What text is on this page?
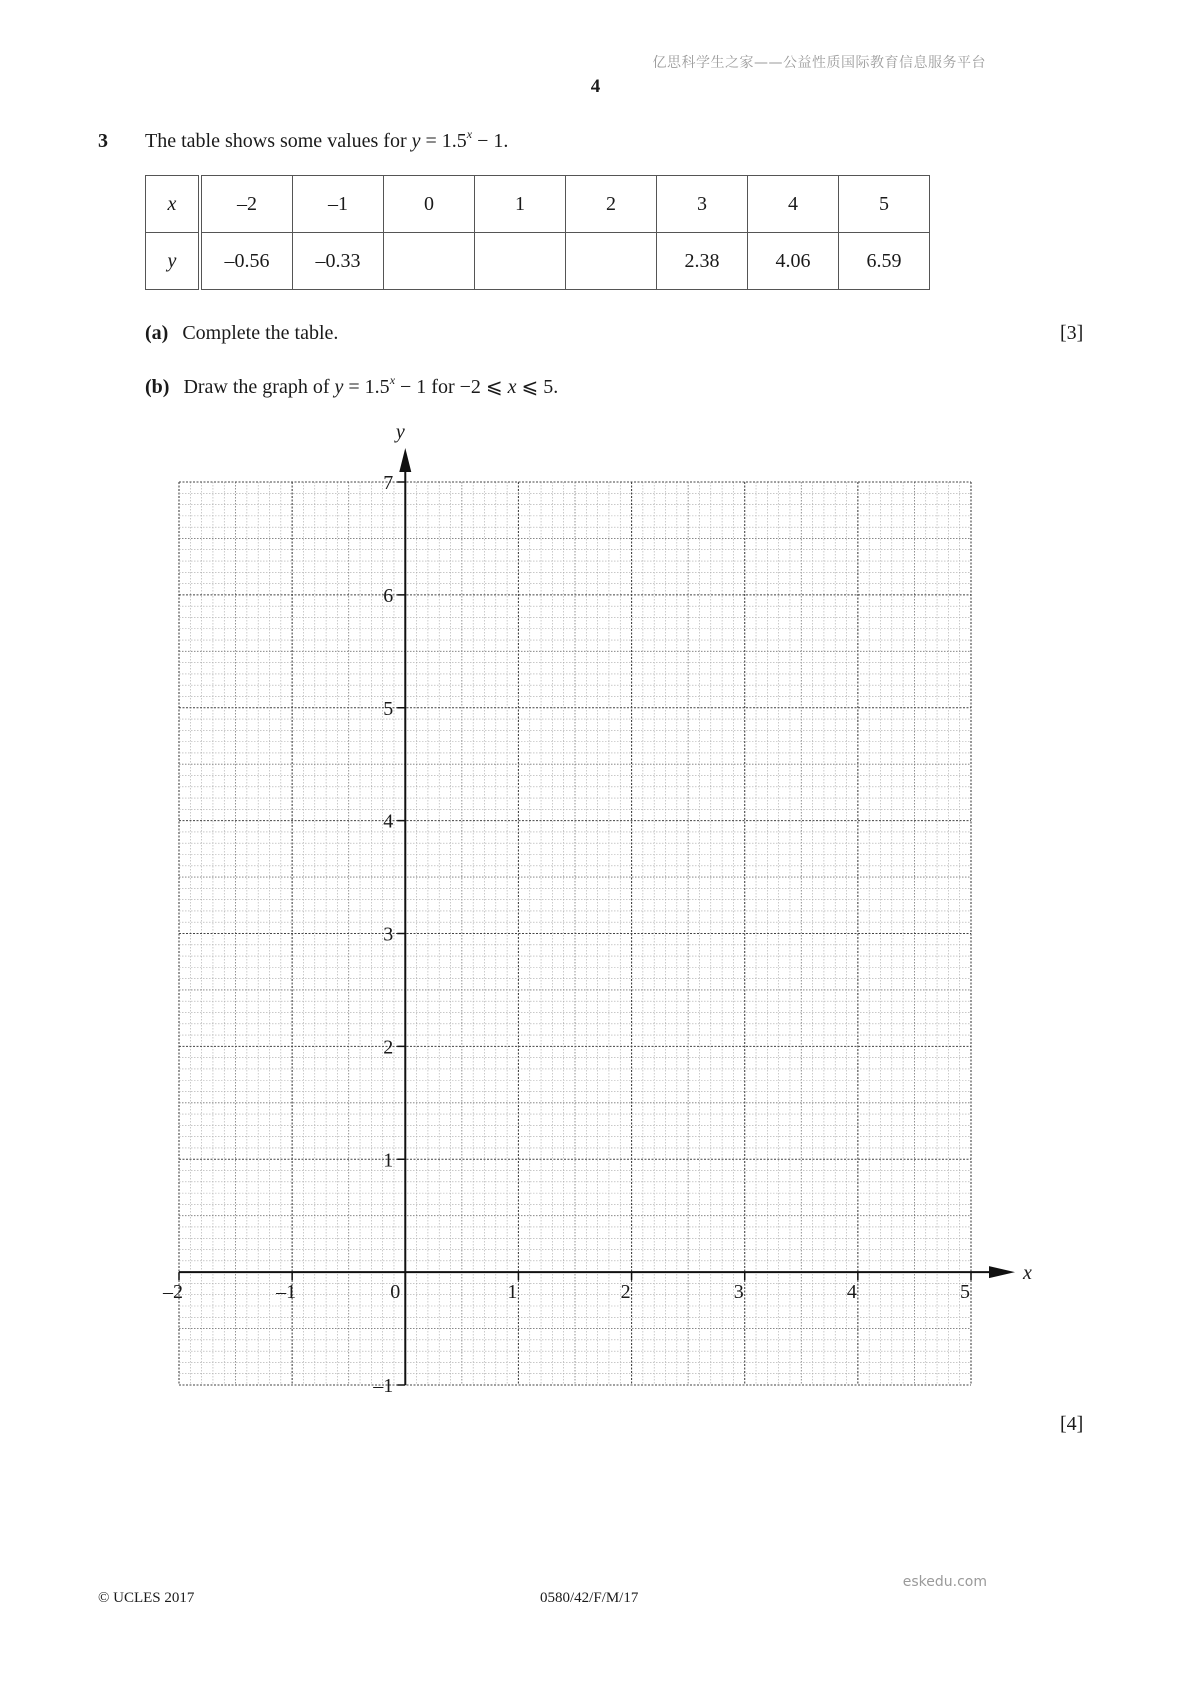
亿思科学生之家——公益性质国际教育信息服务平台
4
3 The table shows some values for $y = 1.5^x - 1$.
x	–2	–1	0	1	2	3	4	5
y	–0.56	–0.33				2.38	4.06	6.59
(a) Complete the table.	[3]
(b) Draw the graph of $y = 1.5^x - 1$ for −2 ⩽ x ⩽ 5.
–2	–1	0	1	2	3	4	5
–1
1
2
3
4
5
6
7
x
y
[4]
© UCLES 2017	0580/42/F/M/17
eskedu.com
